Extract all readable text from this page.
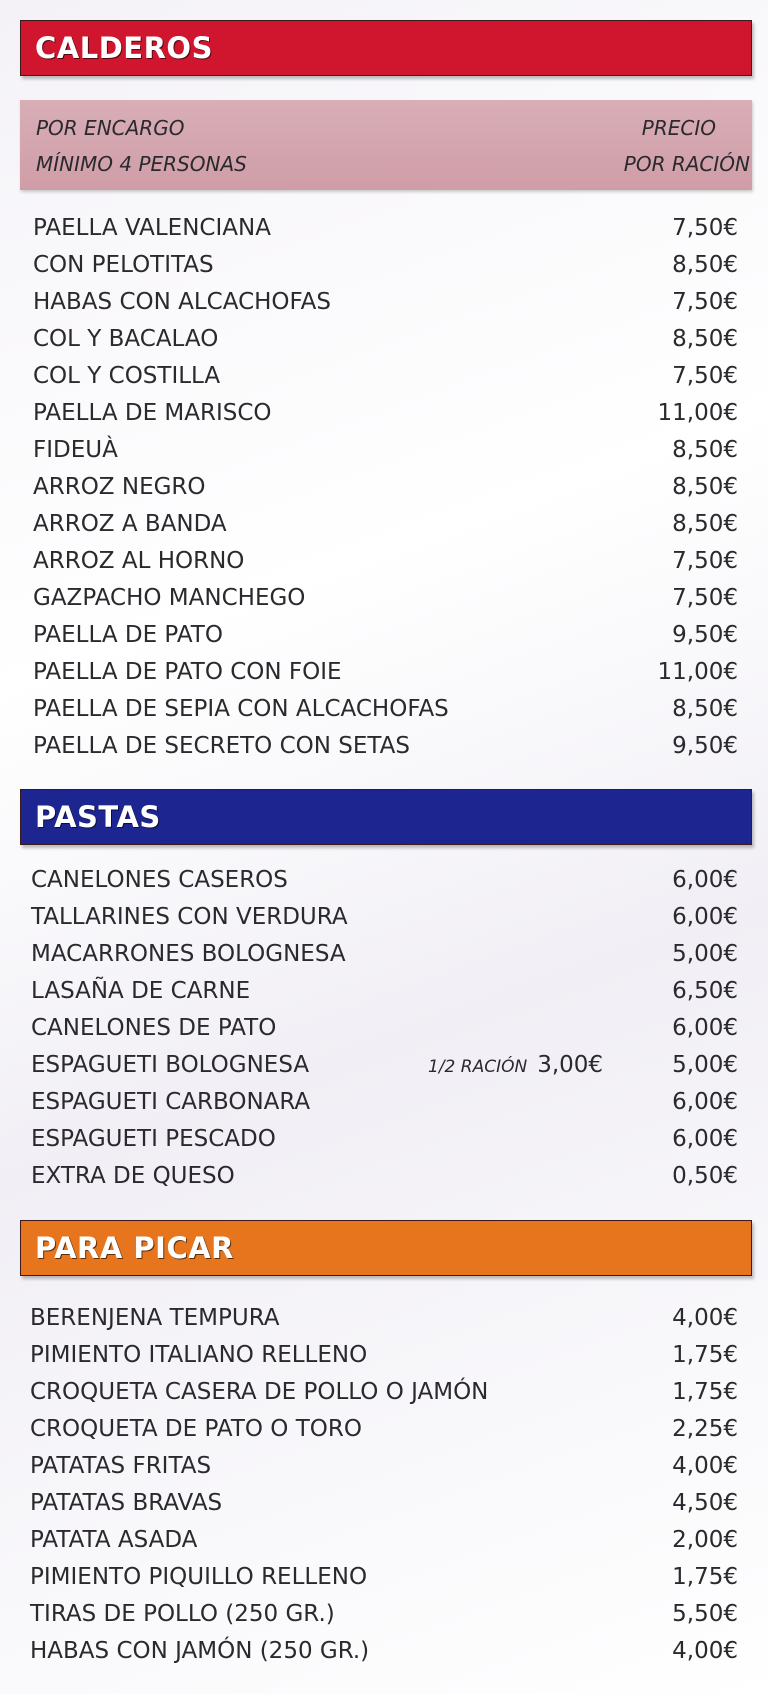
CALDEROS
POR ENCARGO
MÍNIMO 4 PERSONAS
PRECIO
POR RACIÓN
PAELLA VALENCIANA	7,50€
CON PELOTITAS	8,50€
HABAS CON ALCACHOFAS	7,50€
COL Y BACALAO	8,50€
COL Y COSTILLA	7,50€
PAELLA DE MARISCO	11,00€
FIDEUÀ	8,50€
ARROZ NEGRO	8,50€
ARROZ A BANDA	8,50€
ARROZ AL HORNO	7,50€
GAZPACHO MANCHEGO	7,50€
PAELLA DE PATO	9,50€
PAELLA DE PATO CON FOIE	11,00€
PAELLA DE SEPIA CON ALCACHOFAS	8,50€
PAELLA DE SECRETO CON SETAS	9,50€
PASTAS
CANELONES CASEROS	6,00€
TALLARINES CON VERDURA	6,00€
MACARRONES BOLOGNESA	5,00€
LASAÑA DE CARNE	6,50€
CANELONES DE PATO	6,00€
ESPAGUETI BOLOGNESA	1/2 RACIÓN 3,00€	5,00€
ESPAGUETI CARBONARA	6,00€
ESPAGUETI PESCADO	6,00€
EXTRA DE QUESO	0,50€
PARA PICAR
BERENJENA TEMPURA	4,00€
PIMIENTO ITALIANO RELLENO	1,75€
CROQUETA CASERA DE POLLO O JAMÓN	1,75€
CROQUETA DE PATO O TORO	2,25€
PATATAS FRITAS	4,00€
PATATAS BRAVAS	4,50€
PATATA ASADA	2,00€
PIMIENTO PIQUILLO RELLENO	1,75€
TIRAS DE POLLO (250 GR.)	5,50€
HABAS CON JAMÓN (250 GR.)	4,00€
